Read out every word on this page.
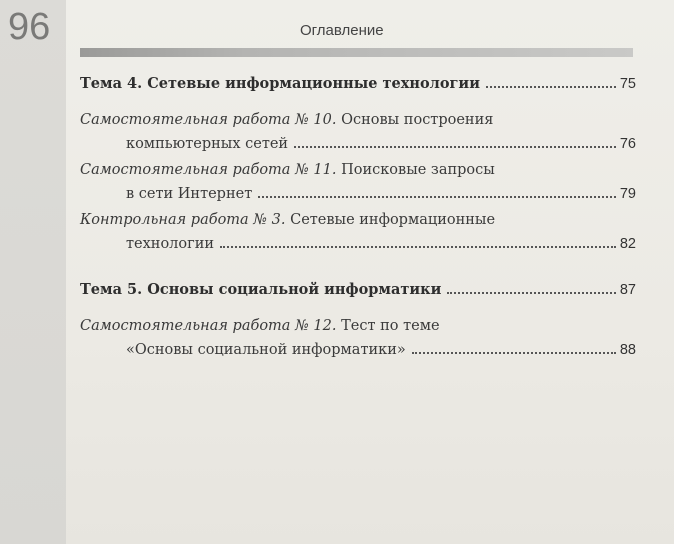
96	Оглавление
Тема 4. Сетевые информационные технологии	75
Самостоятельная работа № 10. Основы построения
компьютерных сетей	76
Самостоятельная работа № 11. Поисковые запросы
в сети Интернет	79
Контрольная работа № 3. Сетевые информационные
технологии	82
Тема 5. Основы социальной информатики	87
Самостоятельная работа № 12. Тест по теме
«Основы социальной информатики»	88
